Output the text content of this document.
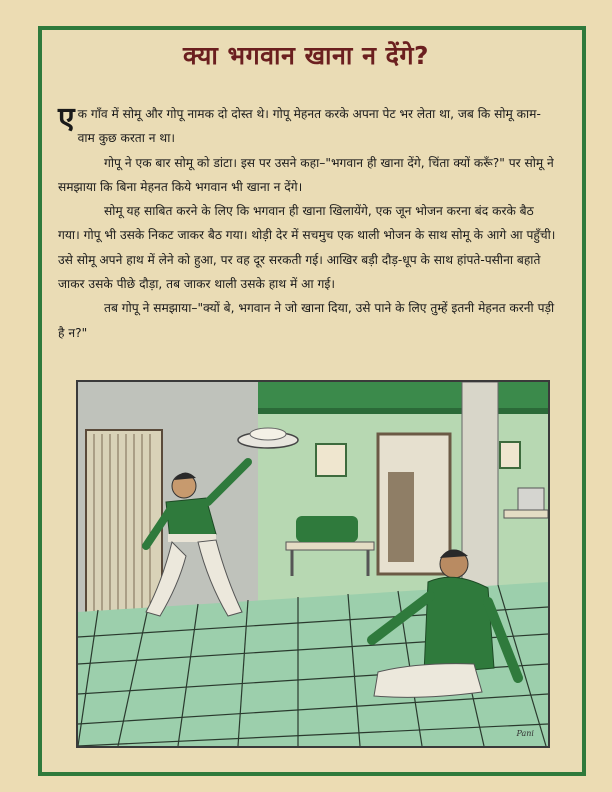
क्या भगवान खाना न देंगे?

एक गाँव में सोमू और गोपू नामक दो दोस्त थे। गोपू मेहनत करके अपना पेट भर लेता था, जब कि सोमू काम-वाम कुछ करता न था।

गोपू ने एक बार सोमू को डांटा। इस पर उसने कहा–"भगवान ही खाना देंगे, चिंता क्यों करूँ?" पर सोमू ने समझाया कि बिना मेहनत किये भगवान भी खाना न देंगे।

सोमू यह साबित करने के लिए कि भगवान ही खाना खिलायेंगे, एक जून भोजन करना बंद करके बैठ गया। गोपू भी उसके निकट जाकर बैठ गया। थोड़ी देर में सचमुच एक थाली भोजन के साथ सोमू के आगे आ पहुँची। उसे सोमू अपने हाथ में लेने को हुआ, पर वह दूर सरकती गई। आखिर बड़ी दौड़-धूप के साथ हांपते-पसीना बहाते जाकर उसके पीछे दौड़ा, तब जाकर थाली उसके हाथ में आ गई।

तब गोपू ने समझाया–"क्यों बे, भगवान ने जो खाना दिया, उसे पाने के लिए तुम्हें इतनी मेहनत करनी पड़ी है न?"

Pani
